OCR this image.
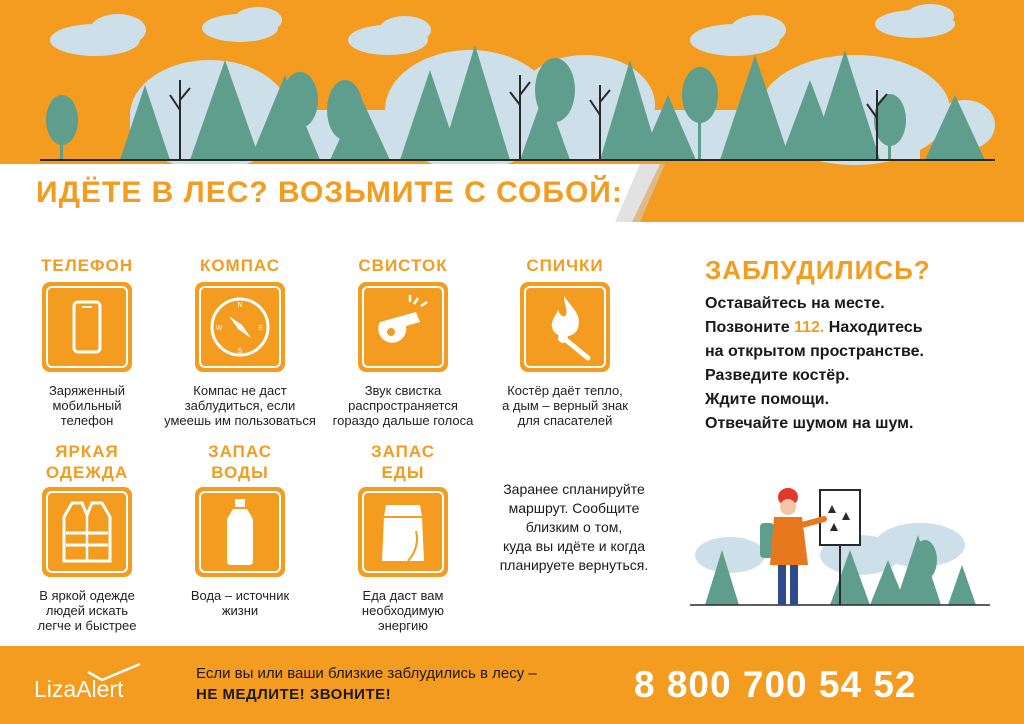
ИДЁТЕ В ЛЕС? ВОЗЬМИТЕ С СОБОЙ:
ТЕЛЕФОН
Заряженный
мобильный
телефон
КОМПАС
N
S
W	E
Компас не даст
заблудиться, если
умеешь им пользоваться
СВИСТОК
Звук свистка
распространяется
гораздо дальше голоса
СПИЧКИ
Костёр даёт тепло,
а дым – верный знак
для спасателей
ЯРКАЯ
ОДЕЖДА
В яркой одежде
людей искать
легче и быстрее
ЗАПАС
ВОДЫ
Вода – источник
жизни
ЗАПАС
ЕДЫ
Еда даст вам
необходимую
энергию
Заранее спланируйте
маршрут. Сообщите
близким о том,
куда вы идёте и когда
планируете вернуться.
ЗАБЛУДИЛИСЬ?
Оставайтесь на месте.
Позвоните 112. Находитесь
на открытом пространстве.
Разведите костёр.
Ждите помощи.
Отвечайте шумом на шум.
LizaAlert
Если вы или ваши близкие заблудились в лесу –
НЕ МЕДЛИТЕ! ЗВОНИТЕ!	8 800 700 54 52
